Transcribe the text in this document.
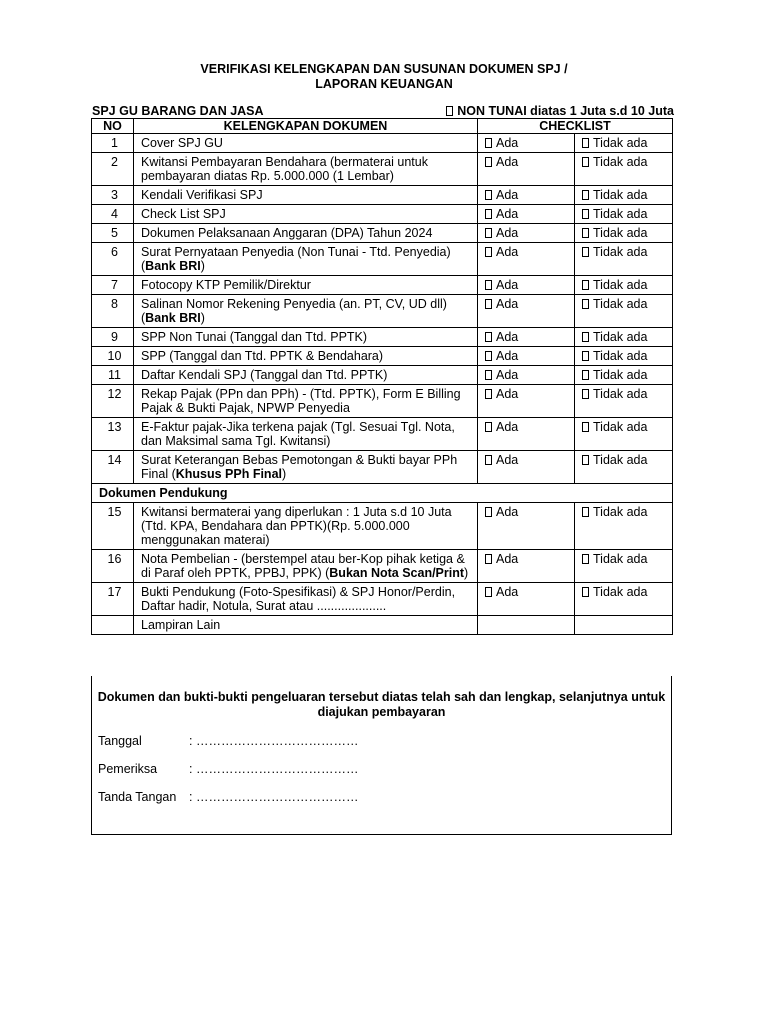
VERIFIKASI KELENGKAPAN DAN SUSUNAN DOKUMEN SPJ /
LAPORAN KEUANGAN
SPJ GU BARANG DAN JASA	NON TUNAI diatas 1 Juta s.d 10 Juta
NO	KELENGKAPAN DOKUMEN	CHECKLIST	
1	Cover SPJ GU	Ada	Tidak ada
2	Kwitansi Pembayaran Bendahara (bermaterai untuk pembayaran diatas Rp. 5.000.000 (1 Lembar)	Ada	Tidak ada
3	Kendali Verifikasi SPJ	Ada	Tidak ada
4	Check List SPJ	Ada	Tidak ada
5	Dokumen Pelaksanaan Anggaran (DPA) Tahun 2024	Ada	Tidak ada
6	Surat Pernyataan Penyedia (Non Tunai - Ttd. Penyedia) (Bank BRI)	Ada	Tidak ada
7	Fotocopy KTP Pemilik/Direktur	Ada	Tidak ada
8	Salinan Nomor Rekening Penyedia (an. PT, CV, UD dll) (Bank BRI)	Ada	Tidak ada
9	SPP Non Tunai (Tanggal dan Ttd. PPTK)	Ada	Tidak ada
10	SPP (Tanggal dan Ttd. PPTK & Bendahara)	Ada	Tidak ada
11	Daftar Kendali SPJ (Tanggal dan Ttd. PPTK)	Ada	Tidak ada
12	Rekap Pajak (PPn dan PPh) - (Ttd. PPTK), Form E Billing Pajak & Bukti Pajak, NPWP Penyedia	Ada	Tidak ada
13	E-Faktur pajak-Jika terkena pajak (Tgl. Sesuai Tgl. Nota, dan Maksimal sama Tgl. Kwitansi)	Ada	Tidak ada
14	Surat Keterangan Bebas Pemotongan & Bukti bayar PPh Final (Khusus PPh Final)	Ada	Tidak ada
Dokumen Pendukung			
15	Kwitansi bermaterai yang diperlukan : 1 Juta s.d 10 Juta (Ttd. KPA, Bendahara dan PPTK)(Rp. 5.000.000 menggunakan materai)	Ada	Tidak ada
16	Nota Pembelian - (berstempel atau ber-Kop pihak ketiga & di Paraf oleh PPTK, PPBJ, PPK) (Bukan Nota Scan/Print)	Ada	Tidak ada
17	Bukti Pendukung (Foto-Spesifikasi) & SPJ Honor/Perdin, Daftar hadir, Notula, Surat atau ....................	Ada	Tidak ada
	Lampiran Lain		
Dokumen dan bukti-bukti pengeluaran tersebut diatas telah sah dan lengkap, selanjutnya untuk diajukan pembayaran
Tanggal	: …………………………………
Pemeriksa	: …………………………………
Tanda Tangan : …………………………………
